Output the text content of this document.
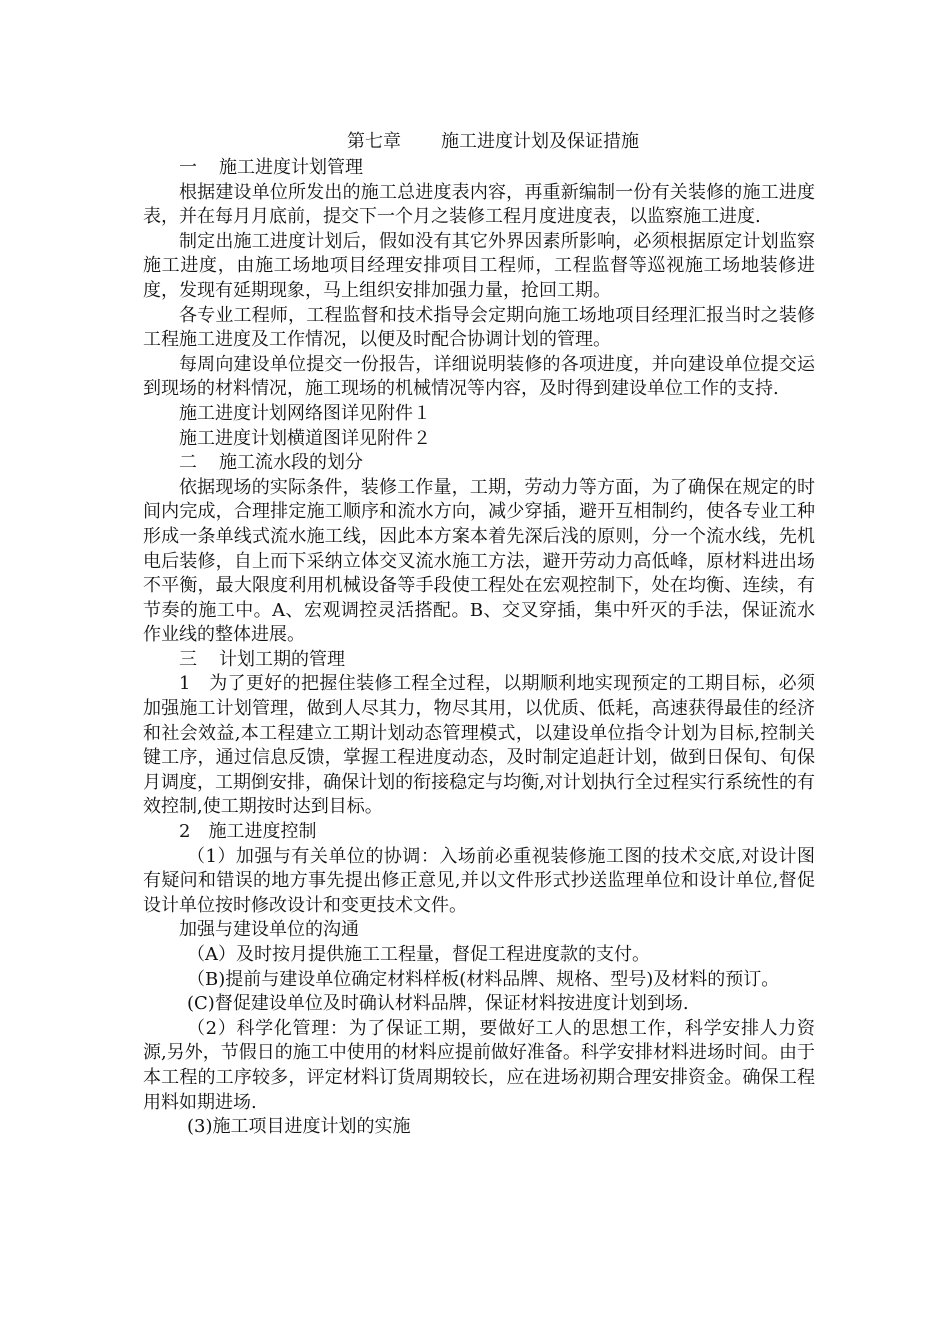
第七章 施工进度计划及保证措施
一 施工进度计划管理

根据建设单位所发出的施工总进度表内容，再重新编制一份有关装修的施工进度表，并在每月月底前，提交下一个月之装修工程月度进度表，以监察施工进度.

制定出施工进度计划后，假如没有其它外界因素所影响，必须根据原定计划监察施工进度，由施工场地项目经理安排项目工程师，工程监督等巡视施工场地装修进度，发现有延期现象，马上组织安排加强力量，抢回工期。

各专业工程师，工程监督和技术指导会定期向施工场地项目经理汇报当时之装修工程施工进度及工作情况，以便及时配合协调计划的管理。

每周向建设单位提交一份报告，详细说明装修的各项进度，并向建设单位提交运到现场的材料情况，施工现场的机械情况等内容，及时得到建设单位工作的支持.

施工进度计划网络图详见附件１

施工进度计划横道图详见附件２

二 施工流水段的划分

依据现场的实际条件，装修工作量，工期，劳动力等方面，为了确保在规定的时间内完成，合理排定施工顺序和流水方向，减少穿插，避开互相制约，使各专业工种形成一条单线式流水施工线，因此本方案本着先深后浅的原则，分一个流水线，先机电后装修，自上而下采纳立体交叉流水施工方法，避开劳动力高低峰，原材料进出场不平衡，最大限度利用机械设备等手段使工程处在宏观控制下，处在均衡、连续，有节奏的施工中。A、宏观调控灵活搭配。B、交叉穿插，集中歼灭的手法，保证流水作业线的整体进展。

三 计划工期的管理

1　为了更好的把握住装修工程全过程，以期顺利地实现预定的工期目标，必须加强施工计划管理，做到人尽其力，物尽其用，以优质、低耗，高速获得最佳的经济和社会效益,本工程建立工期计划动态管理模式，以建设单位指令计划为目标,控制关键工序，通过信息反馈，掌握工程进度动态，及时制定追赶计划，做到日保旬、旬保月调度，工期倒安排，确保计划的衔接稳定与均衡,对计划执行全过程实行系统性的有效控制,使工期按时达到目标。

2　施工进度控制

（1）加强与有关单位的协调：入场前必重视装修施工图的技术交底,对设计图有疑问和错误的地方事先提出修正意见,并以文件形式抄送监理单位和设计单位,督促设计单位按时修改设计和变更技术文件。

加强与建设单位的沟通

（A）及时按月提供施工工程量，督促工程进度款的支付。

（B)提前与建设单位确定材料样板(材料品牌、规格、型号)及材料的预订。

(C)督促建设单位及时确认材料品牌，保证材料按进度计划到场.

（2）科学化管理：为了保证工期，要做好工人的思想工作，科学安排人力资源,另外，节假日的施工中使用的材料应提前做好准备。科学安排材料进场时间。由于本工程的工序较多，评定材料订货周期较长，应在进场初期合理安排资金。确保工程用料如期进场.

(3)施工项目进度计划的实施
